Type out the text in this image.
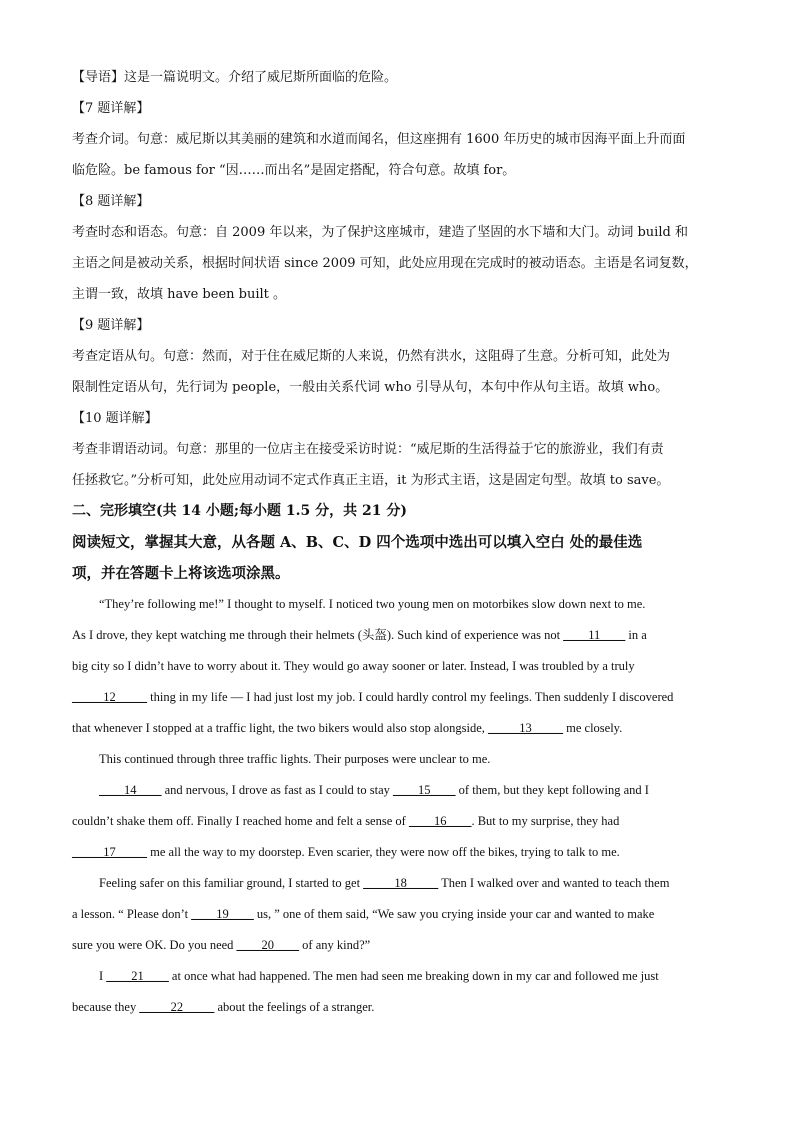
【导语】这是一篇说明文。介绍了威尼斯所面临的危险。

【7 题详解】

考查介词。句意：威尼斯以其美丽的建筑和水道而闻名，但这座拥有 1600 年历史的城市因海平面上升而面

临危险。be famous for “因……而出名”是固定搭配，符合句意。故填 for。

【8 题详解】

考查时态和语态。句意：自 2009 年以来，为了保护这座城市，建造了坚固的水下墙和大门。动词 build 和

主语之间是被动关系，根据时间状语 since 2009 可知，此处应用现在完成时的被动语态。主语是名词复数，

主谓一致，故填 have been built 。

【9 题详解】

考查定语从句。句意：然而，对于住在威尼斯的人来说，仍然有洪水，这阻碍了生意。分析可知，此处为

限制性定语从句，先行词为 people，一般由关系代词 who 引导从句，本句中作从句主语。故填 who。

【10 题详解】

考查非谓语动词。句意：那里的一位店主在接受采访时说：“威尼斯的生活得益于它的旅游业，我们有责

任拯救它。”分析可知，此处应用动词不定式作真正主语，it 为形式主语，这是固定句型。故填 to save。

二、完形填空(共 14 小题;每小题 1.5 分，共 21 分)

阅读短文，掌握其大意，从各题 A、B、C、D 四个选项中选出可以填入空白 处的最佳选

项，并在答题卡上将该选项涂黑。

“They’re following me!” I thought to myself. I noticed two young men on motorbikes slow down next to me.

As I drove, they kept watching me through their helmets (头盔). Such kind of experience was not ____11____ in a

big city so I didn’t have to worry about it. They would go away sooner or later. Instead, I was troubled by a truly

_____12_____ thing in my life — I had just lost my job. I could hardly control my feelings. Then suddenly I discovered

that whenever I stopped at a traffic light, the two bikers would also stop alongside, _____13_____ me closely.

This continued through three traffic lights. Their purposes were unclear to me.

____14____ and nervous, I drove as fast as I could to stay ____15____ of them, but they kept following and I

couldn’t shake them off. Finally I reached home and felt a sense of ____16____. But to my surprise, they had

_____17_____ me all the way to my doorstep. Even scarier, they were now off the bikes, trying to talk to me.

Feeling safer on this familiar ground, I started to get _____18_____ Then I walked over and wanted to teach them

a lesson. “ Please don’t ____19____ us, ” one of them said, “We saw you crying inside your car and wanted to make

sure you were OK. Do you need ____20____ of any kind?”

I ____21____ at once what had happened. The men had seen me breaking down in my car and followed me just

because they _____22_____ about the feelings of a stranger.
